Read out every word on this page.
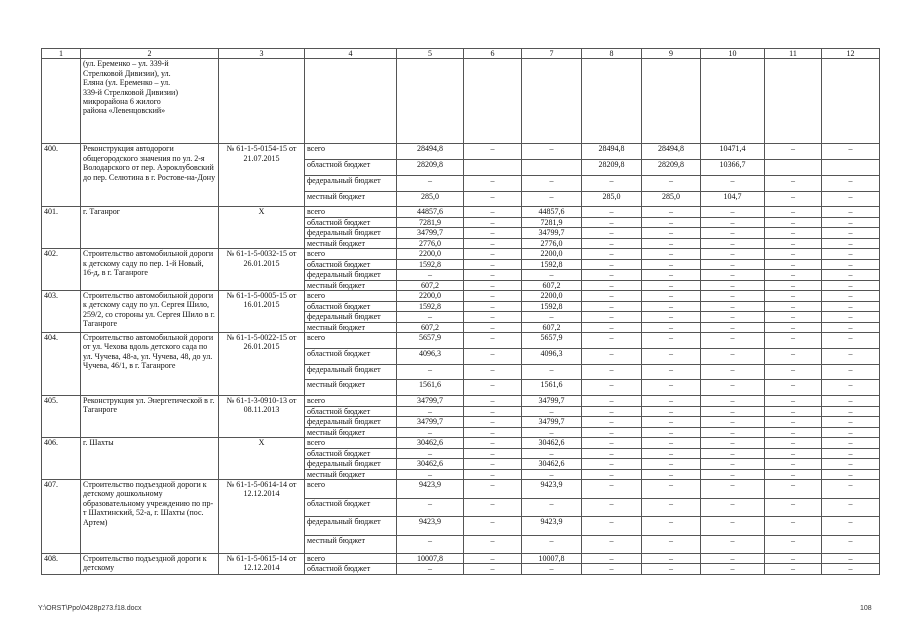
1	2	3	4	5	6	7	8	9	10	11	12
	(ул. Еременко – ул. 339-й Стрелковой Дивизии), ул. Еляна (ул. Еременко – ул. 339-й Стрелковой Дивизии) микрорайона 6 жилого района «Левенцовский»										
400.	Реконструкция автодороги общегородского значения по ул. 2-я Володарского от пер. Аэроклубовский до пер. Селютина в г. Ростове-на-Дону	№ 61-1-5-0154-15 от 21.07.2015	всего	28494,8	–	–	28494,8	28494,8	10471,4	–	–
			областной бюджет	28209,8			28209,8	28209,8	10366,7		
			федеральный бюджет	–	–	–	–	–	–	–	–
			местный бюджет	285,0	–	–	285,0	285,0	104,7	–	–
401.	г. Таганрог	Х	всего	44857,6	–	44857,6	–	–	–	–	–
			областной бюджет	7281,9	–	7281,9	–	–	–	–	–
			федеральный бюджет	34799,7	–	34799,7	–	–	–	–	–
			местный бюджет	2776,0	–	2776,0	–	–	–	–	–
402.	Строительство автомобильной дороги к детскому саду по пер. 1-й Новый, 16-д, в г. Таганроге	№ 61-1-5-0032-15 от 26.01.2015	всего	2200,0	–	2200,0	–	–	–	–	–
			областной бюджет	1592,8	–	1592,8	–	–	–	–	–
			федеральный бюджет	–	–	–	–	–	–	–	–
			местный бюджет	607,2	–	607,2	–	–	–	–	–
403.	Строительство автомобильной дороги к детскому саду по ул. Сергея Шило, 259/2, со стороны ул. Сергея Шило в г. Таганроге	№ 61-1-5-0005-15 от 16.01.2015	всего	2200,0	–	2200,0	–	–	–	–	–
			областной бюджет	1592,8	–	1592,8	–	–	–	–	–
			федеральный бюджет	–	–	–	–	–	–	–	–
			местный бюджет	607,2	–	607,2	–	–	–	–	–
404.	Строительство автомобильной дороги от ул. Чехова вдоль детского сада по ул. Чучева, 48-а, ул. Чучева, 48, до ул. Чучева, 46/1, в г. Таганроге	№ 61-1-5-0022-15 от 26.01.2015	всего	5657,9	–	5657,9	–	–	–	–	–
			областной бюджет	4096,3	–	4096,3	–	–	–	–	–
			федеральный бюджет	–	–	–	–	–	–	–	–
			местный бюджет	1561,6	–	1561,6	–	–	–	–	–
405.	Реконструкция ул. Энергетической в г. Таганроге	№ 61-1-3-0910-13 от 08.11.2013	всего	34799,7	–	34799,7	–	–	–	–	–
			областной бюджет	–	–	–	–	–	–	–	–
			федеральный бюджет	34799,7	–	34799,7	–	–	–	–	–
			местный бюджет	–	–	–	–	–	–	–	–
406.	г. Шахты	Х	всего	30462,6	–	30462,6	–	–	–	–	–
			областной бюджет	–	–	–	–	–	–	–	–
			федеральный бюджет	30462,6	–	30462,6	–	–	–	–	–
			местный бюджет	–	–	–	–	–	–	–	–
407.	Строительство подъездной дороги к детскому дошкольному образовательному учреждению по пр-т Шахтинский, 52-а, г. Шахты (пос. Артем)	№ 61-1-5-0614-14 от 12.12.2014	всего	9423,9	–	9423,9	–	–	–	–	–
			областной бюджет	–	–	–	–	–	–	–	–
			федеральный бюджет	9423,9	–	9423,9	–	–	–	–	–
			местный бюджет	–	–	–	–	–	–	–	–
408.	Строительство подъездной дороги к детскому	№ 61-1-5-0615-14 от 12.12.2014	всего	10007,8	–	10007,8	–	–	–	–	–
			областной бюджет	–	–	–	–	–	–	–	–
Y:\ORST\Ppo\0428p273.f18.docx	108
